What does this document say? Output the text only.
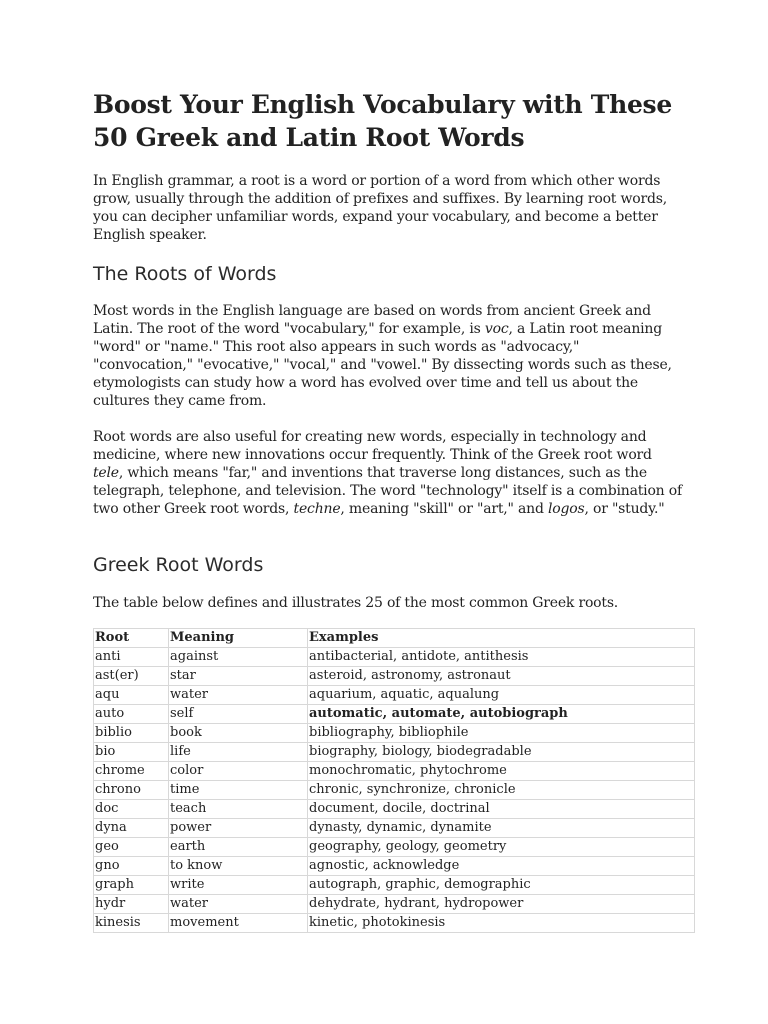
Boost Your English Vocabulary with These 50 Greek and Latin Root Words

In English grammar, a root is a word or portion of a word from which other words grow, usually through the addition of prefixes and suffixes. By learning root words, you can decipher unfamiliar words, expand your vocabulary, and become a better English speaker.

The Roots of Words

Most words in the English language are based on words from ancient Greek and Latin. The root of the word "vocabulary," for example, is voc, a Latin root meaning "word" or "name." This root also appears in such words as "advocacy," "convocation," "evocative," "vocal," and "vowel." By dissecting words such as these, etymologists can study how a word has evolved over time and tell us about the cultures they came from.

Root words are also useful for creating new words, especially in technology and medicine, where new innovations occur frequently. Think of the Greek root word tele, which means "far," and inventions that traverse long distances, such as the telegraph, telephone, and television. The word "technology" itself is a combination of two other Greek root words, techne, meaning "skill" or "art," and logos, or "study."

Greek Root Words

The table below defines and illustrates 25 of the most common Greek roots.

Root	Meaning	Examples
anti	against	antibacterial, antidote, antithesis
ast(er)	star	asteroid, astronomy, astronaut
aqu	water	aquarium, aquatic, aqualung
auto	self	automatic, automate, autobiograph
biblio	book	bibliography, bibliophile
bio	life	biography, biology, biodegradable
chrome	color	monochromatic, phytochrome
chrono	time	chronic, synchronize, chronicle
doc	teach	document, docile, doctrinal
dyna	power	dynasty, dynamic, dynamite
geo	earth	geography, geology, geometry
gno	to know	agnostic, acknowledge
graph	write	autograph, graphic, demographic
hydr	water	dehydrate, hydrant, hydropower
kinesis	movement	kinetic, photokinesis
